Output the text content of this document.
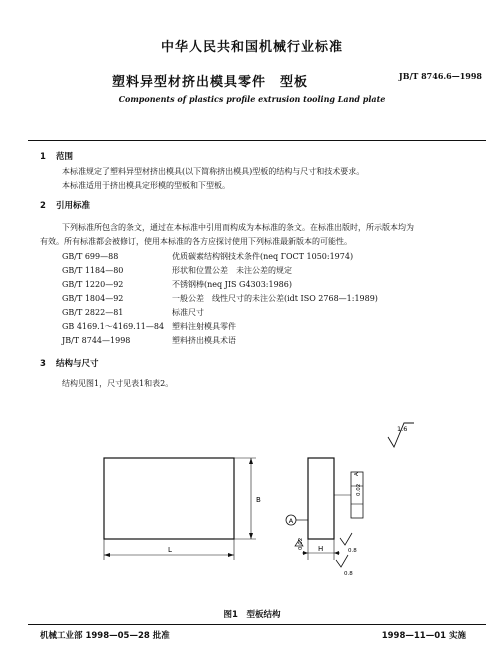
中华人民共和国机械行业标准
塑料异型材挤出模具零件　型板	JB/T 8746.6—1998
Components of plastics profile extrusion tooling Land plate
1 范围
本标准规定了塑料异型材挤出模具(以下简称挤出模具)型板的结构与尺寸和技术要求。
本标准适用于挤出模具定形模的型板和下型板。
2 引用标准
下列标准所包含的条文，通过在本标准中引用而构成为本标准的条文。在标准出版时，所示版本均为
有效。所有标准都会被修订，使用本标准的各方应探讨使用下列标准最新版本的可能性。
GB/T 699—88	优质碳素结构钢技术条件(neq ГОСТ 1050:1974)
GB/T 1184—80	形状和位置公差　未注公差的规定
GB/T 1220—92	不锈钢棒(neq JIS G4303:1986)
GB/T 1804—92	一般公差　线性尺寸的未注公差(idt ISO 2768—1:1989)
GB/T 2822—81	标准尺寸
GB 4169.1～4169.11—84 塑料注射模具零件
JB/T 8744—1998	塑料挤出模具术语
3 结构与尺寸
结构见图1，尺寸见表1和表2。
1.6
L
B
A
A
0.02
H
0.02
0.8
0.8
图1　型板结构
机械工业部 1998—05—28 批准	1998—11—01 实施
